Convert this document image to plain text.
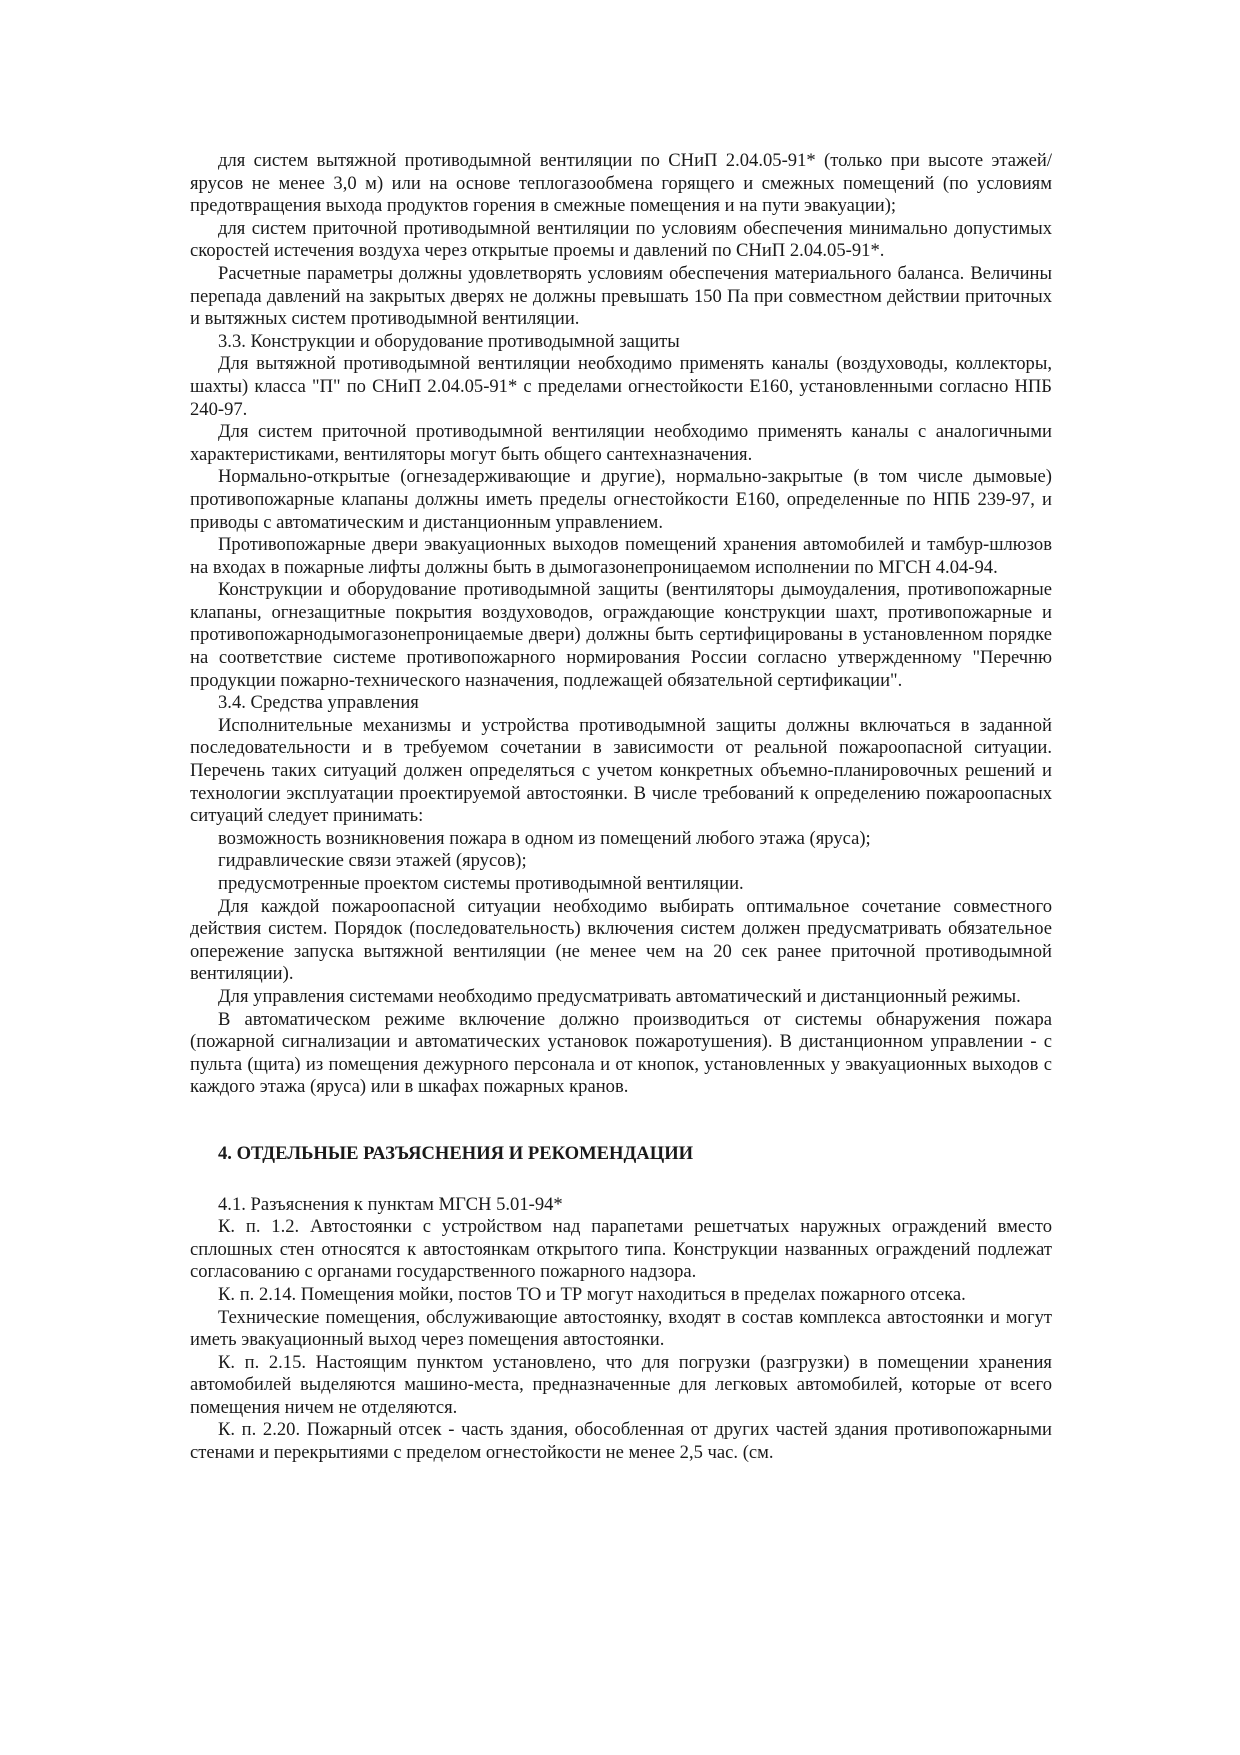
для систем вытяжной противодымной вентиляции по СНиП 2.04.05-91* (только при высоте этажей/ярусов не менее 3,0 м) или на основе теплогазообмена горящего и смежных помещений (по условиям предотвращения выхода продуктов горения в смежные помещения и на пути эвакуации);

для систем приточной противодымной вентиляции по условиям обеспечения минимально допустимых скоростей истечения воздуха через открытые проемы и давлений по СНиП 2.04.05-91*.

Расчетные параметры должны удовлетворять условиям обеспечения материального баланса. Величины перепада давлений на закрытых дверях не должны превышать 150 Па при совместном действии приточных и вытяжных систем противодымной вентиляции.

3.3. Конструкции и оборудование противодымной защиты

Для вытяжной противодымной вентиляции необходимо применять каналы (воздуховоды, коллекторы, шахты) класса "П" по СНиП 2.04.05-91* с пределами огнестойкости Е160, установленными согласно НПБ 240-97.

Для систем приточной противодымной вентиляции необходимо применять каналы с аналогичными характеристиками, вентиляторы могут быть общего сантехназначения.

Нормально-открытые (огнезадерживающие и другие), нормально-закрытые (в том числе дымовые) противопожарные клапаны должны иметь пределы огнестойкости Е160, определенные по НПБ 239-97, и приводы с автоматическим и дистанционным управлением.

Противопожарные двери эвакуационных выходов помещений хранения автомобилей и тамбур-шлюзов на входах в пожарные лифты должны быть в дымогазонепроницаемом исполнении по МГСН 4.04-94.

Конструкции и оборудование противодымной защиты (вентиляторы дымоудаления, противопожарные клапаны, огнезащитные покрытия воздуховодов, ограждающие конструкции шахт, противопожарные и противопожарнодымогазонепроницаемые двери) должны быть сертифицированы в установленном порядке на соответствие системе противопожарного нормирования России согласно утвержденному "Перечню продукции пожарно-технического назначения, подлежащей обязательной сертификации".

3.4. Средства управления

Исполнительные механизмы и устройства противодымной защиты должны включаться в заданной последовательности и в требуемом сочетании в зависимости от реальной пожароопасной ситуации. Перечень таких ситуаций должен определяться с учетом конкретных объемно-планировочных решений и технологии эксплуатации проектируемой автостоянки. В числе требований к определению пожароопасных ситуаций следует принимать:

возможность возникновения пожара в одном из помещений любого этажа (яруса);

гидравлические связи этажей (ярусов);

предусмотренные проектом системы противодымной вентиляции.

Для каждой пожароопасной ситуации необходимо выбирать оптимальное сочетание совместного действия систем. Порядок (последовательность) включения систем должен предусматривать обязательное опережение запуска вытяжной вентиляции (не менее чем на 20 сек ранее приточной противодымной вентиляции).

Для управления системами необходимо предусматривать автоматический и дистанционный режимы.

В автоматическом режиме включение должно производиться от системы обнаружения пожара (пожарной сигнализации и автоматических установок пожаротушения). В дистанционном управлении - с пульта (щита) из помещения дежурного персонала и от кнопок, установленных у эвакуационных выходов с каждого этажа (яруса) или в шкафах пожарных кранов.

4. ОТДЕЛЬНЫЕ РАЗЪЯСНЕНИЯ И РЕКОМЕНДАЦИИ

4.1. Разъяснения к пунктам МГСН 5.01-94*

К. п. 1.2. Автостоянки с устройством над парапетами решетчатых наружных ограждений вместо сплошных стен относятся к автостоянкам открытого типа. Конструкции названных ограждений подлежат согласованию с органами государственного пожарного надзора.

К. п. 2.14. Помещения мойки, постов ТО и ТР могут находиться в пределах пожарного отсека.

Технические помещения, обслуживающие автостоянку, входят в состав комплекса автостоянки и могут иметь эвакуационный выход через помещения автостоянки.

К. п. 2.15. Настоящим пунктом установлено, что для погрузки (разгрузки) в помещении хранения автомобилей выделяются машино-места, предназначенные для легковых автомобилей, которые от всего помещения ничем не отделяются.

К. п. 2.20. Пожарный отсек - часть здания, обособленная от других частей здания противопожарными стенами и перекрытиями с пределом огнестойкости не менее 2,5 час. (см.
